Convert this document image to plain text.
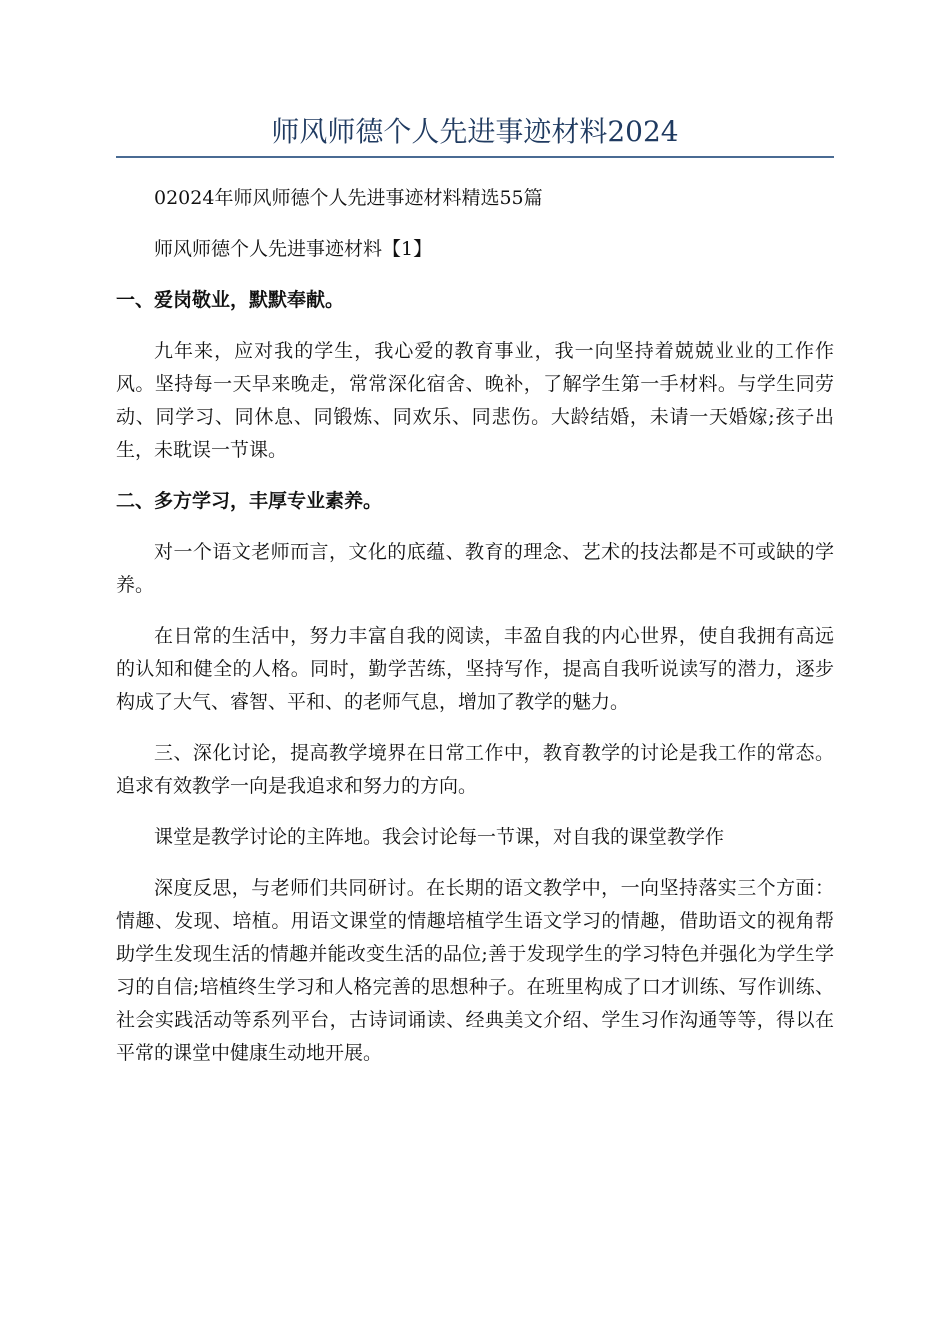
师风师德个人先进事迹材料2024

02024年师风师德个人先进事迹材料精选55篇

师风师德个人先进事迹材料【1】

一、爱岗敬业，默默奉献。

九年来，应对我的学生，我心爱的教育事业，我一向坚持着兢兢业业的工作作风。坚持每一天早来晚走，常常深化宿舍、晚补，了解学生第一手材料。与学生同劳动、同学习、同休息、同锻炼、同欢乐、同悲伤。大龄结婚，未请一天婚嫁;孩子出生，未耽误一节课。

二、多方学习，丰厚专业素养。

对一个语文老师而言，文化的底蕴、教育的理念、艺术的技法都是不可或缺的学养。

在日常的生活中，努力丰富自我的阅读，丰盈自我的内心世界，使自我拥有高远的认知和健全的人格。同时，勤学苦练，坚持写作，提高自我听说读写的潜力，逐步构成了大气、睿智、平和、的老师气息，增加了教学的魅力。

三、深化讨论，提高教学境界在日常工作中，教育教学的讨论是我工作的常态。追求有效教学一向是我追求和努力的方向。

课堂是教学讨论的主阵地。我会讨论每一节课，对自我的课堂教学作

深度反思，与老师们共同研讨。在长期的语文教学中，一向坚持落实三个方面：情趣、发现、培植。用语文课堂的情趣培植学生语文学习的情趣，借助语文的视角帮助学生发现生活的情趣并能改变生活的品位;善于发现学生的学习特色并强化为学生学习的自信;培植终生学习和人格完善的思想种子。在班里构成了口才训练、写作训练、社会实践活动等系列平台，古诗词诵读、经典美文介绍、学生习作沟通等等，得以在平常的课堂中健康生动地开展。
